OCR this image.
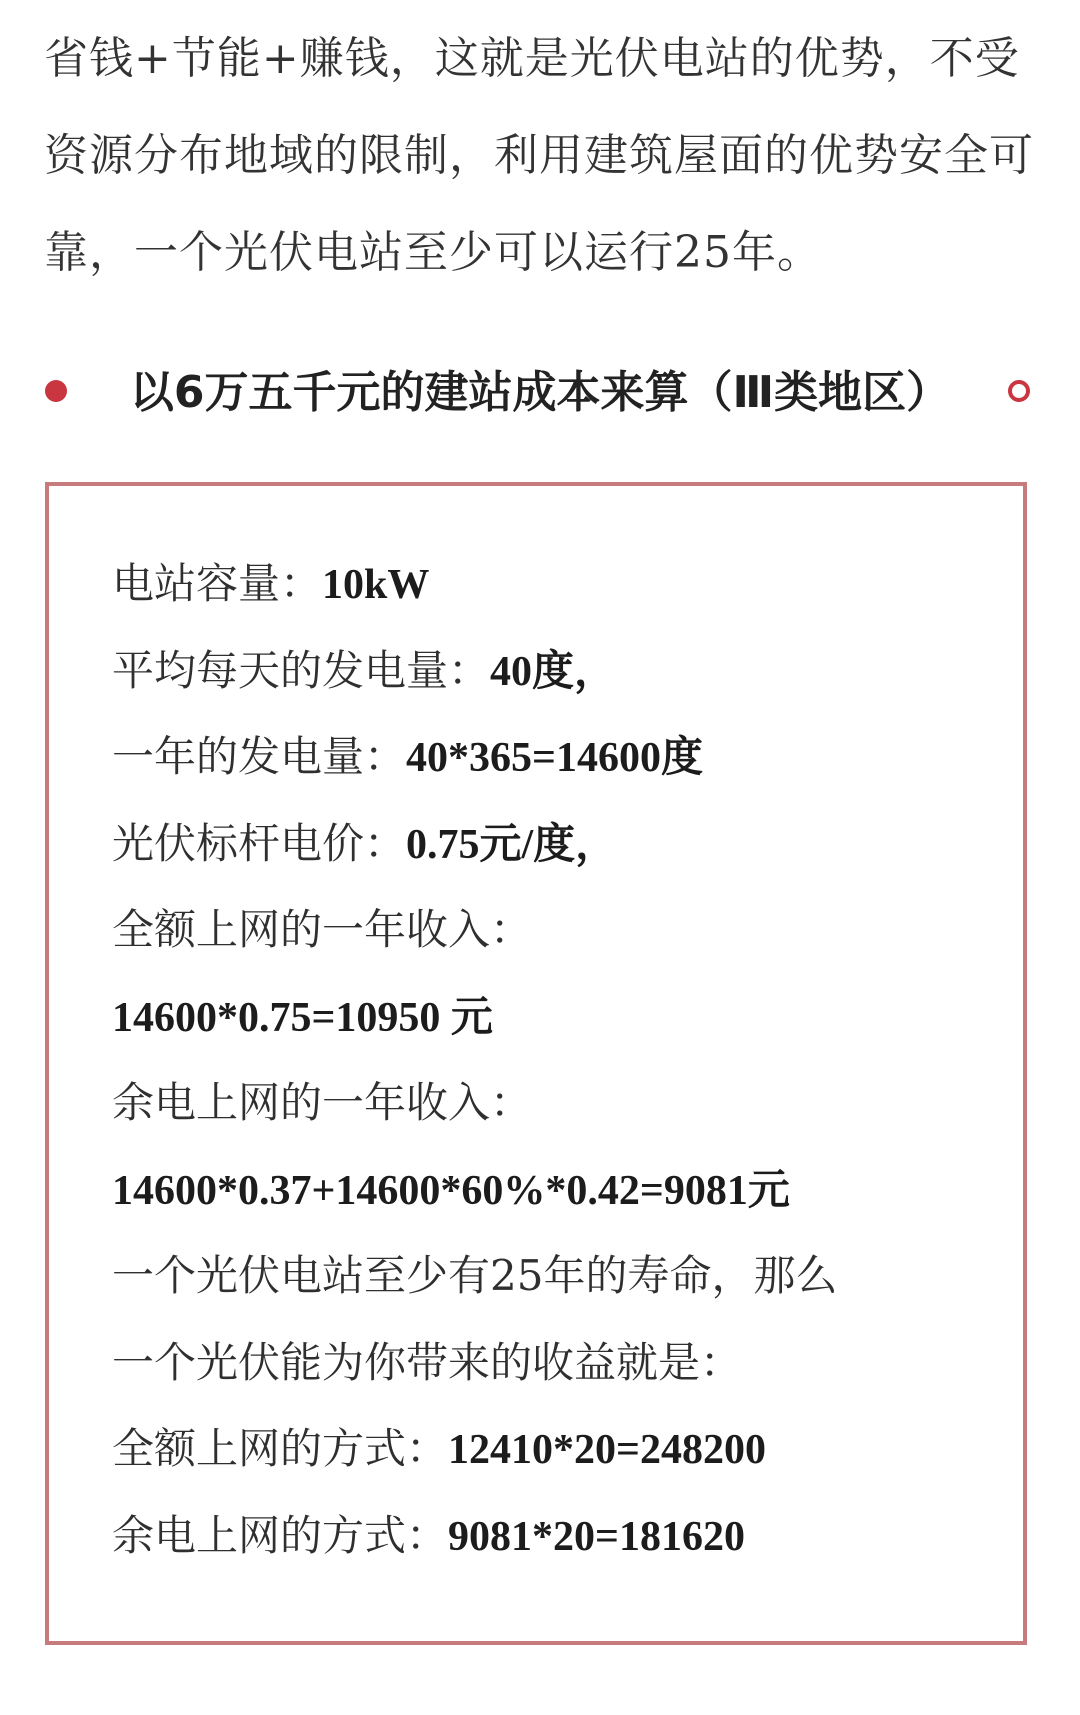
省钱+节能+赚钱，这就是光伏电站的优势，不受资源分布地域的限制，利用建筑屋面的优势安全可靠，一个光伏电站至少可以运行25年。

以6万五千元的建站成本来算（Ⅲ类地区）
电站容量：10kW
平均每天的发电量：40度，
一年的发电量：40*365=14600度
光伏标杆电价：0.75元/度，
全额上网的一年收入：
14600*0.75=10950 元
余电上网的一年收入：
14600*0.37+14600*60%*0.42=9081元
一个光伏电站至少有25年的寿命，那么
一个光伏能为你带来的收益就是：
全额上网的方式：12410*20=248200
余电上网的方式：9081*20=181620
